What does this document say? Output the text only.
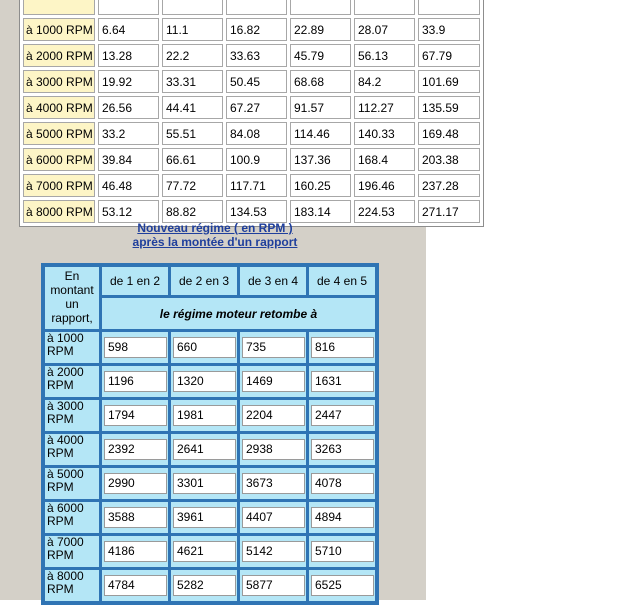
à 1000 RPM	6.64	11.1	16.82	22.89	28.07	33.9
à 2000 RPM	13.28	22.2	33.63	45.79	56.13	67.79
à 3000 RPM	19.92	33.31	50.45	68.68	84.2	101.69
à 4000 RPM	26.56	44.41	67.27	91.57	112.27	135.59
à 5000 RPM	33.2	55.51	84.08	114.46	140.33	169.48
à 6000 RPM	39.84	66.61	100.9	137.36	168.4	203.38
à 7000 RPM	46.48	77.72	117.71	160.25	196.46	237.28
à 8000 RPM	53.12	88.82	134.53	183.14	224.53	271.17
Nouveau régime ( en RPM )
après la montée d'un rapport
En montant un rapport,	de 1 en 2	de 2 en 3	de 3 en 4	de 4 en 5
	le régime moteur retombe à			
à 1000 RPM	598	660	735	816

à 2000 RPM	1196	1320	1469	1631

à 3000 RPM	1794	1981	2204	2447

à 4000 RPM	2392	2641	2938	3263

à 5000 RPM	2990	3301	3673	4078

à 6000 RPM	3588	3961	4407	4894

à 7000 RPM	4186	4621	5142	5710

à 8000 RPM	4784	5282	5877	6525
